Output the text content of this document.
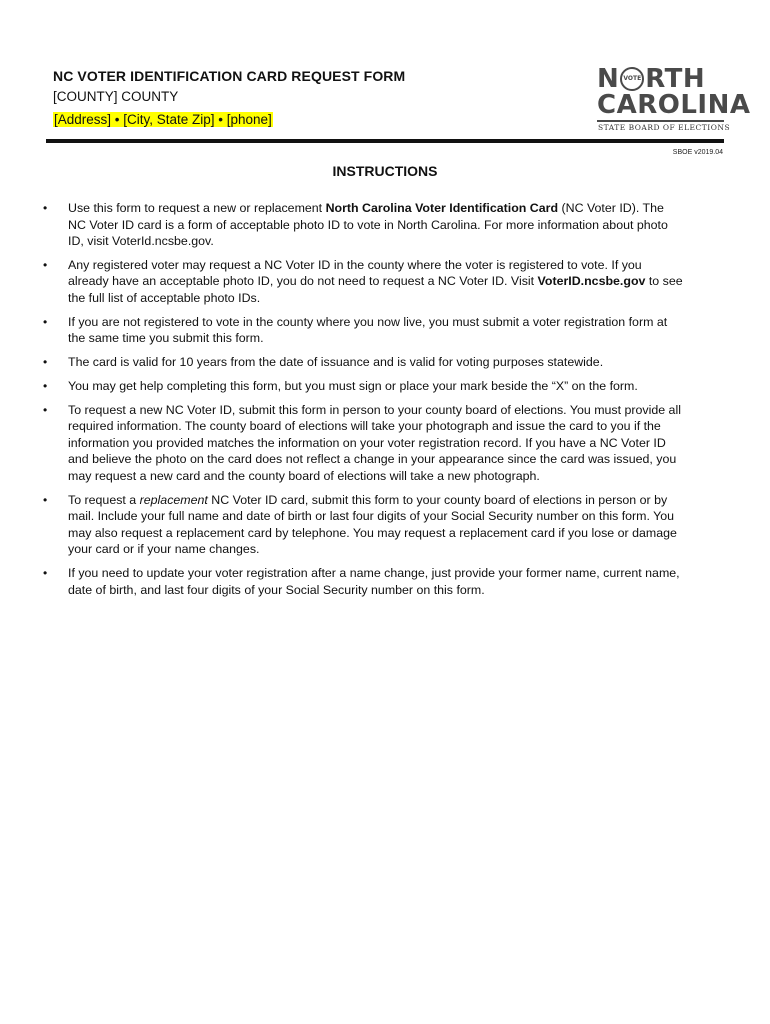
NC VOTER IDENTIFICATION CARD REQUEST FORM
[COUNTY] COUNTY
[Address] • [City, State Zip] • [phone]
N VOTE RTH
CAROLINA
STATE BOARD OF ELECTIONS
SBOE v2019.04
INSTRUCTIONS
• Use this form to request a new or replacement North Carolina Voter Identification Card (NC Voter ID). The NC Voter ID card is a form of acceptable photo ID to vote in North Carolina. For more information about photo ID, visit VoterId.ncsbe.gov.
• Any registered voter may request a NC Voter ID in the county where the voter is registered to vote. If you already have an acceptable photo ID, you do not need to request a NC Voter ID. Visit VoterID.ncsbe.gov to see the full list of acceptable photo IDs.
• If you are not registered to vote in the county where you now live, you must submit a voter registration form at the same time you submit this form.
• The card is valid for 10 years from the date of issuance and is valid for voting purposes statewide.
• You may get help completing this form, but you must sign or place your mark beside the “X” on the form.
• To request a new NC Voter ID, submit this form in person to your county board of elections. You must provide all required information. The county board of elections will take your photograph and issue the card to you if the information you provided matches the information on your voter registration record. If you have a NC Voter ID and believe the photo on the card does not reflect a change in your appearance since the card was issued, you may request a new card and the county board of elections will take a new photograph.
• To request a replacement NC Voter ID card, submit this form to your county board of elections in person or by mail. Include your full name and date of birth or last four digits of your Social Security number on this form. You may also request a replacement card by telephone. You may request a replacement card if you lose or damage your card or if your name changes.
• If you need to update your voter registration after a name change, just provide your former name, current name, date of birth, and last four digits of your Social Security number on this form.
